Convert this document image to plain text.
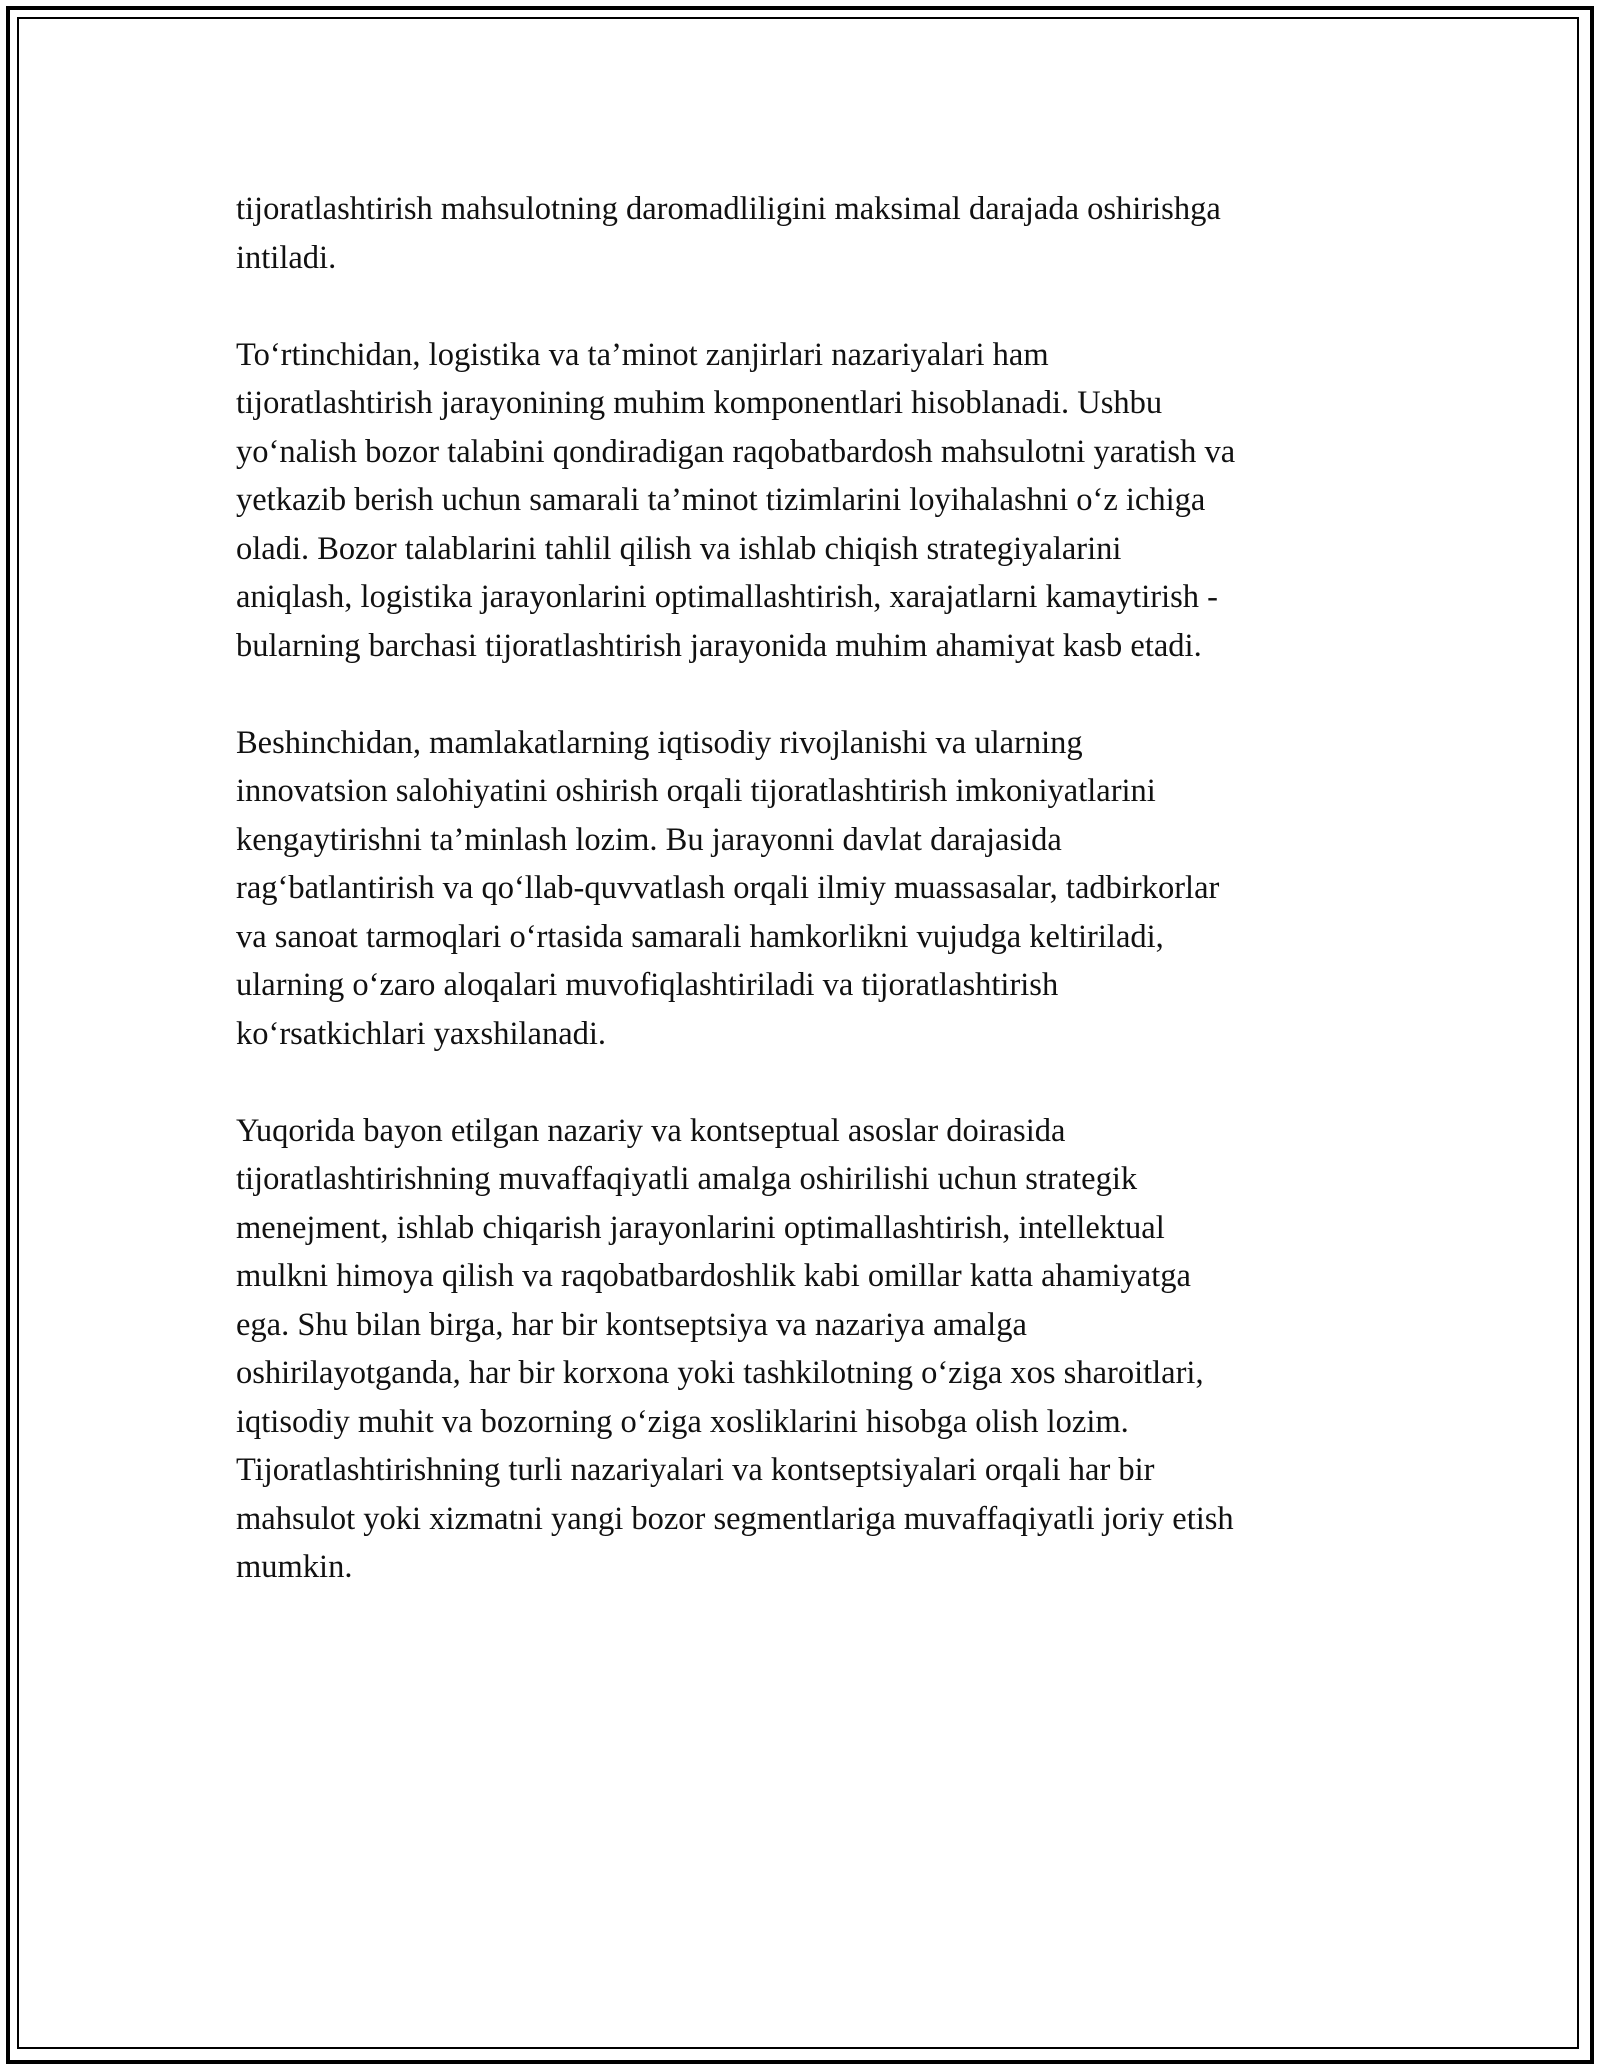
tijoratlashtirish mahsulotning daromadliligini maksimal darajada oshirishga
intiladi.

To‘rtinchidan, logistika va ta’minot zanjirlari nazariyalari ham
tijoratlashtirish jarayonining muhim komponentlari hisoblanadi. Ushbu
yo‘nalish bozor talabini qondiradigan raqobatbardosh mahsulotni yaratish va
yetkazib berish uchun samarali ta’minot tizimlarini loyihalashni o‘z ichiga
oladi. Bozor talablarini tahlil qilish va ishlab chiqish strategiyalarini
aniqlash, logistika jarayonlarini optimallashtirish, xarajatlarni kamaytirish -
bularning barchasi tijoratlashtirish jarayonida muhim ahamiyat kasb etadi.

Beshinchidan, mamlakatlarning iqtisodiy rivojlanishi va ularning
innovatsion salohiyatini oshirish orqali tijoratlashtirish imkoniyatlarini
kengaytirishni ta’minlash lozim. Bu jarayonni davlat darajasida
rag‘batlantirish va qo‘llab-quvvatlash orqali ilmiy muassasalar, tadbirkorlar
va sanoat tarmoqlari o‘rtasida samarali hamkorlikni vujudga keltiriladi,
ularning o‘zaro aloqalari muvofiqlashtiriladi va tijoratlashtirish
ko‘rsatkichlari yaxshilanadi.

Yuqorida bayon etilgan nazariy va kontseptual asoslar doirasida
tijoratlashtirishning muvaffaqiyatli amalga oshirilishi uchun strategik
menejment, ishlab chiqarish jarayonlarini optimallashtirish, intellektual
mulkni himoya qilish va raqobatbardoshlik kabi omillar katta ahamiyatga
ega. Shu bilan birga, har bir kontseptsiya va nazariya amalga
oshirilayotganda, har bir korxona yoki tashkilotning o‘ziga xos sharoitlari,
iqtisodiy muhit va bozorning o‘ziga xosliklarini hisobga olish lozim.
Tijoratlashtirishning turli nazariyalari va kontseptsiyalari orqali har bir
mahsulot yoki xizmatni yangi bozor segmentlariga muvaffaqiyatli joriy etish
mumkin.
